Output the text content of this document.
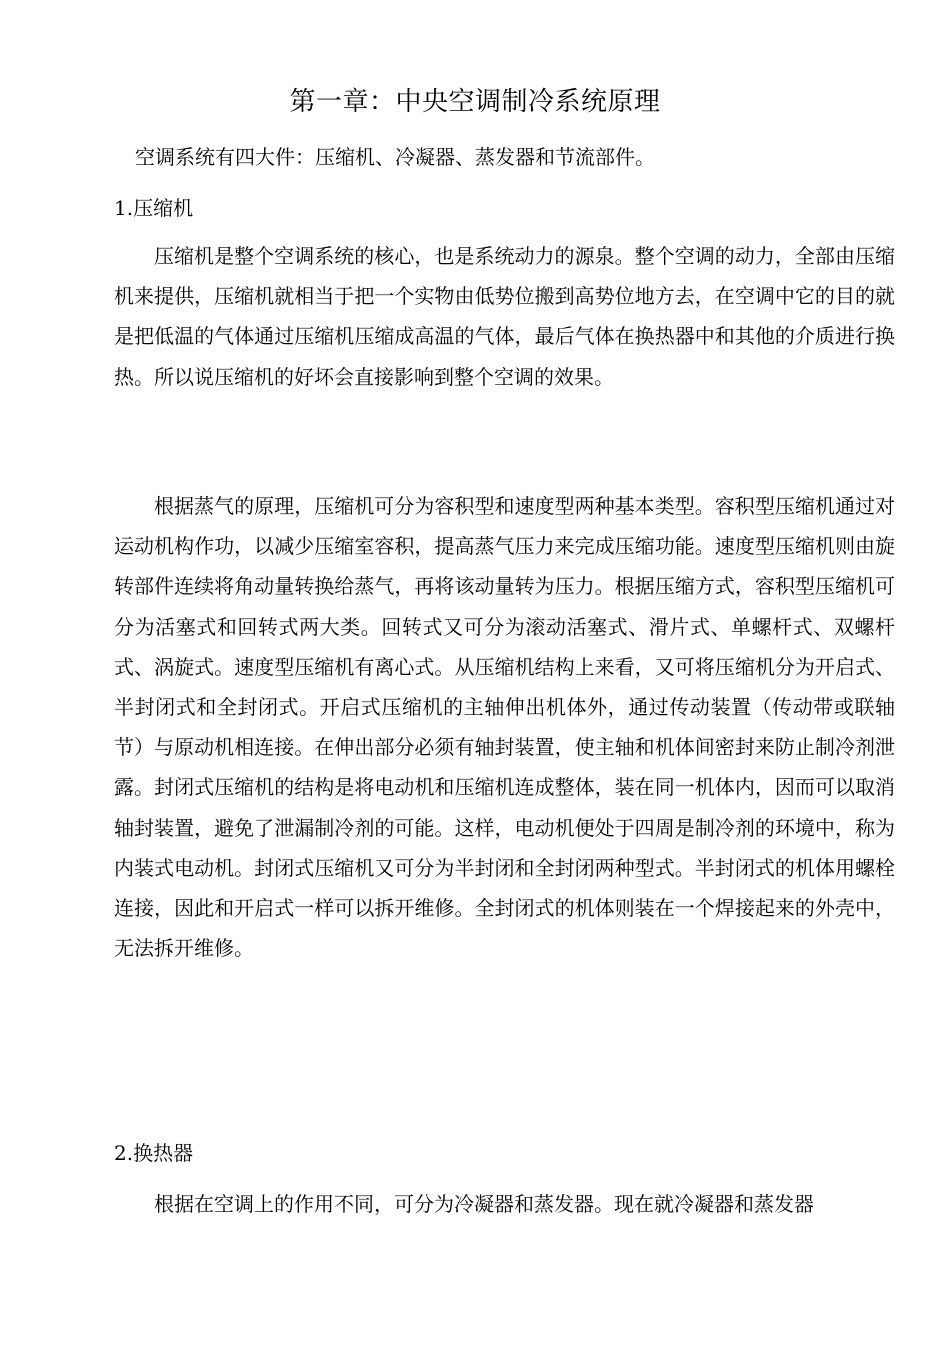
第一章：中央空调制冷系统原理
空调系统有四大件：压缩机、冷凝器、蒸发器和节流部件。
1.压缩机

压缩机是整个空调系统的核心，也是系统动力的源泉。整个空调的动力，全部由压缩机来提供，压缩机就相当于把一个实物由低势位搬到高势位地方去，在空调中它的目的就是把低温的气体通过压缩机压缩成高温的气体，最后气体在换热器中和其他的介质进行换热。所以说压缩机的好坏会直接影响到整个空调的效果。

根据蒸气的原理，压缩机可分为容积型和速度型两种基本类型。容积型压缩机通过对运动机构作功，以减少压缩室容积，提高蒸气压力来完成压缩功能。速度型压缩机则由旋转部件连续将角动量转换给蒸气，再将该动量转为压力。根据压缩方式，容积型压缩机可分为活塞式和回转式两大类。回转式又可分为滚动活塞式、滑片式、单螺杆式、双螺杆式、涡旋式。速度型压缩机有离心式。从压缩机结构上来看，又可将压缩机分为开启式、半封闭式和全封闭式。开启式压缩机的主轴伸出机体外，通过传动装置（传动带或联轴节）与原动机相连接。在伸出部分必须有轴封装置，使主轴和机体间密封来防止制冷剂泄露。封闭式压缩机的结构是将电动机和压缩机连成整体，装在同一机体内，因而可以取消轴封装置，避免了泄漏制冷剂的可能。这样，电动机便处于四周是制冷剂的环境中，称为内装式电动机。封闭式压缩机又可分为半封闭和全封闭两种型式。半封闭式的机体用螺栓连接，因此和开启式一样可以拆开维修。全封闭式的机体则装在一个焊接起来的外壳中，无法拆开维修。

2.换热器

根据在空调上的作用不同，可分为冷凝器和蒸发器。现在就冷凝器和蒸发器
